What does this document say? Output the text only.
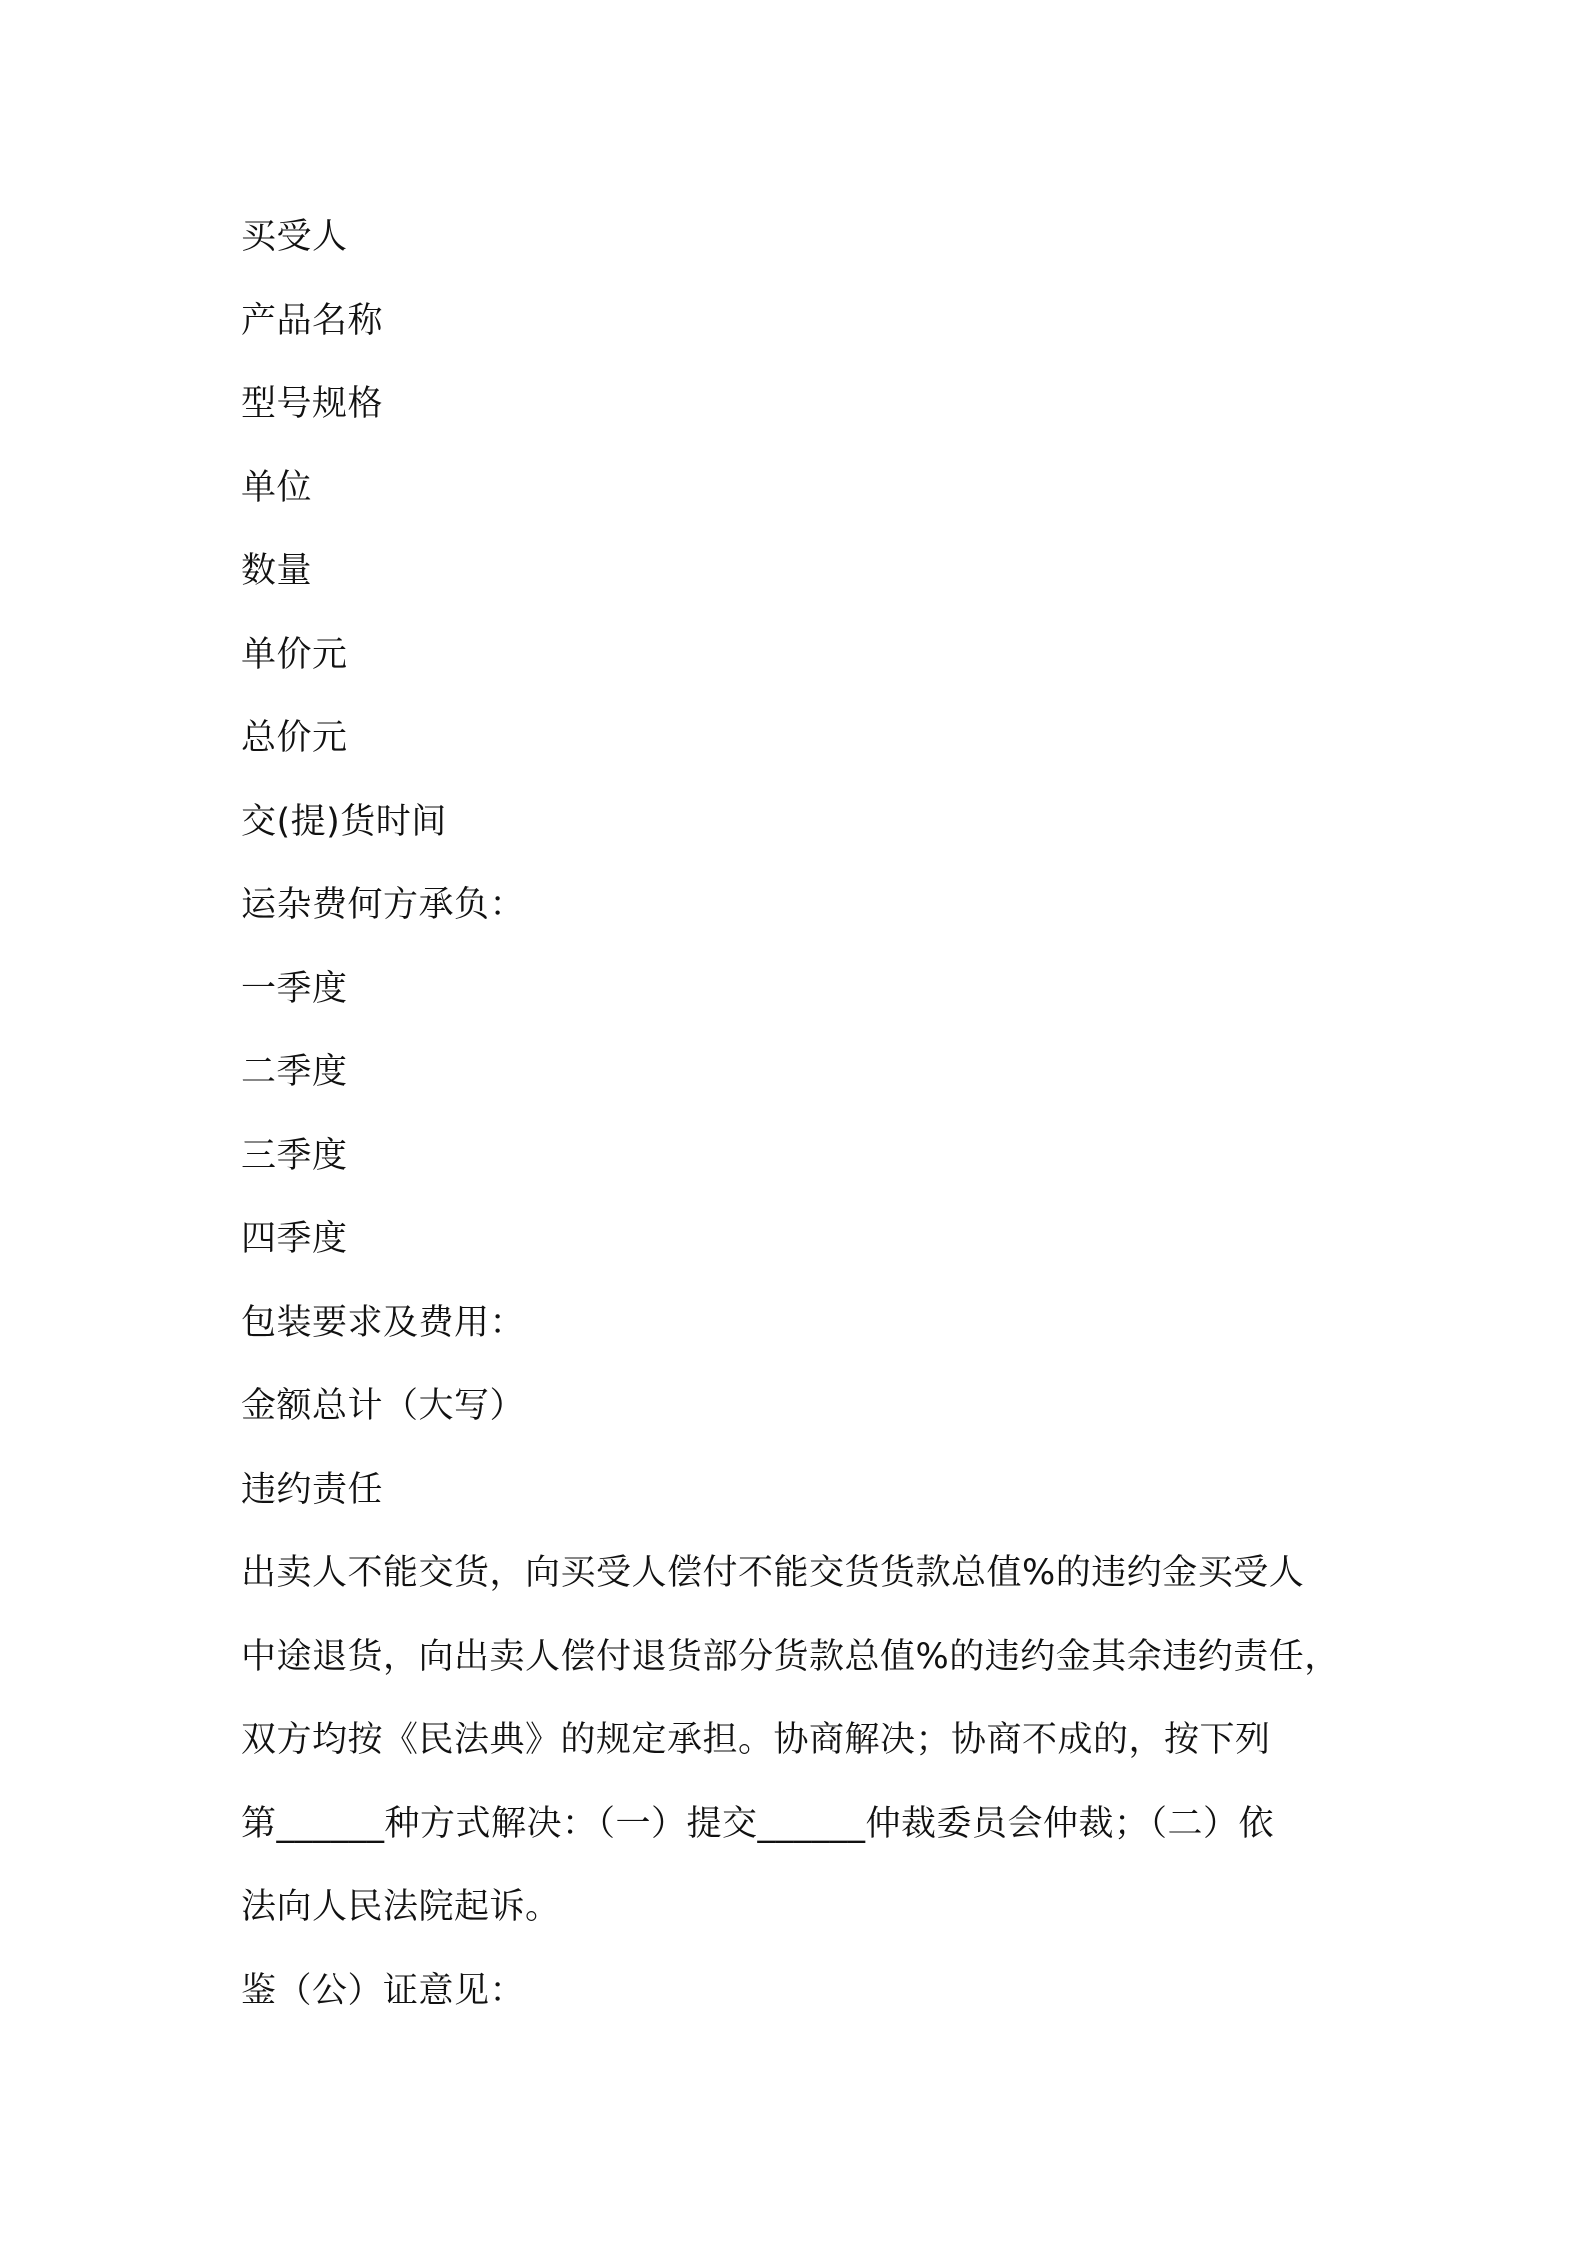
买受人
产品名称
型号规格
单位
数量
单价元
总价元
交(提)货时间
运杂费何方承负：
一季度
二季度
三季度
四季度
包装要求及费用：
金额总计（大写）
违约责任
出卖人不能交货，向买受人偿付不能交货货款总值%的违约金买受人
中途退货，向出卖人偿付退货部分货款总值%的违约金其余违约责任，
双方均按《民法典》的规定承担。协商解决；协商不成的，按下列
第______种方式解决：（一）提交______仲裁委员会仲裁；（二）依
法向人民法院起诉。
鉴（公）证意见：
